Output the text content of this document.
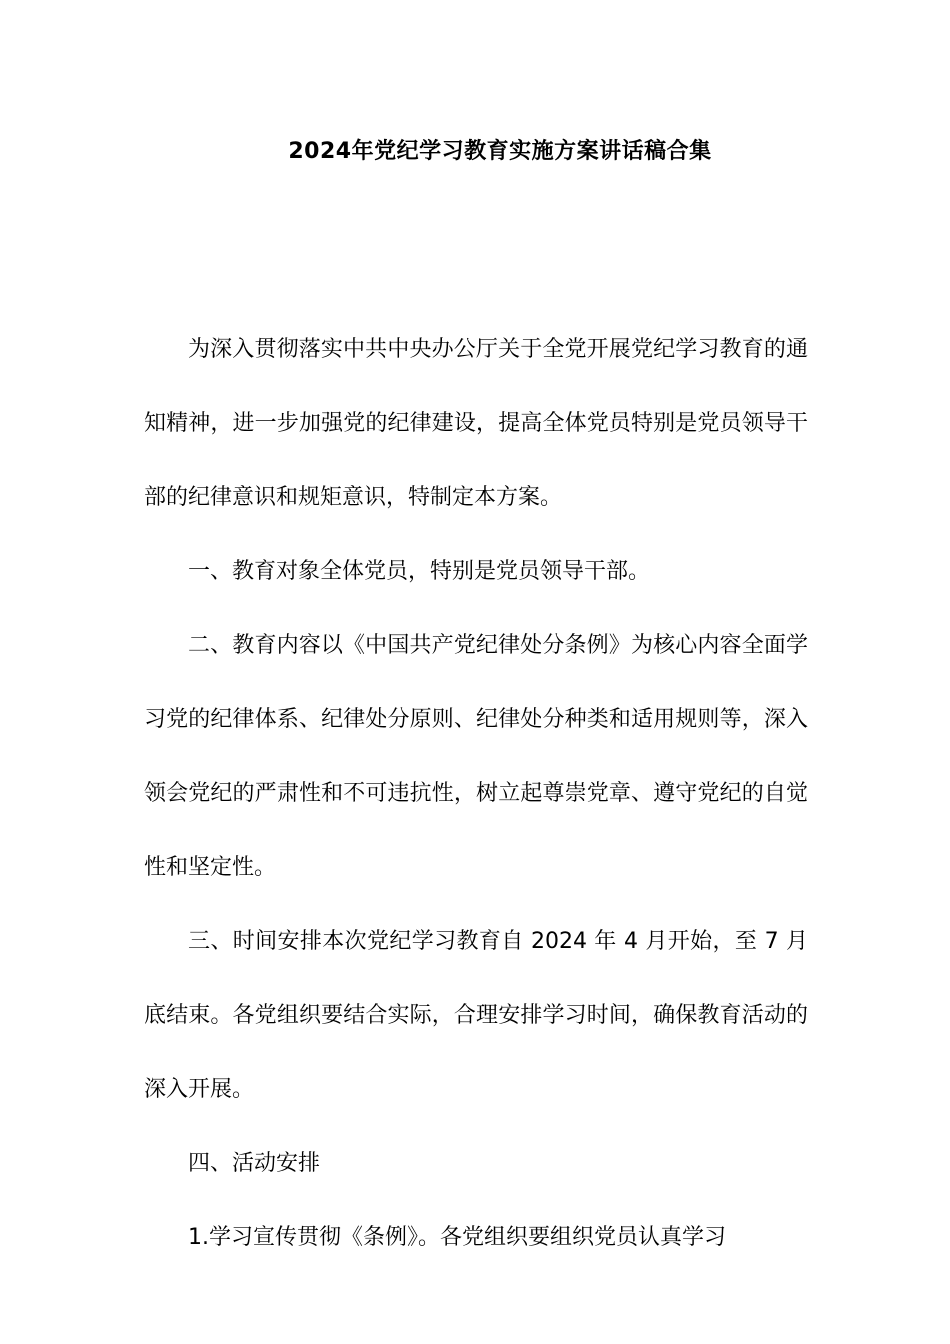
2024年党纪学习教育实施方案讲话稿合集

为深入贯彻落实中共中央办公厅关于全党开展党纪学习教育的通知精神，进一步加强党的纪律建设，提高全体党员特别是党员领导干部的纪律意识和规矩意识，特制定本方案。

一、教育对象全体党员，特别是党员领导干部。

二、教育内容以《中国共产党纪律处分条例》为核心内容全面学习党的纪律体系、纪律处分原则、纪律处分种类和适用规则等，深入领会党纪的严肃性和不可违抗性，树立起尊崇党章、遵守党纪的自觉性和坚定性。

三、时间安排本次党纪学习教育自 2024 年 4 月开始，至 7 月底结束。各党组织要结合实际，合理安排学习时间，确保教育活动的深入开展。

四、活动安排

1.学习宣传贯彻《条例》。各党组织要组织党员认真学习
